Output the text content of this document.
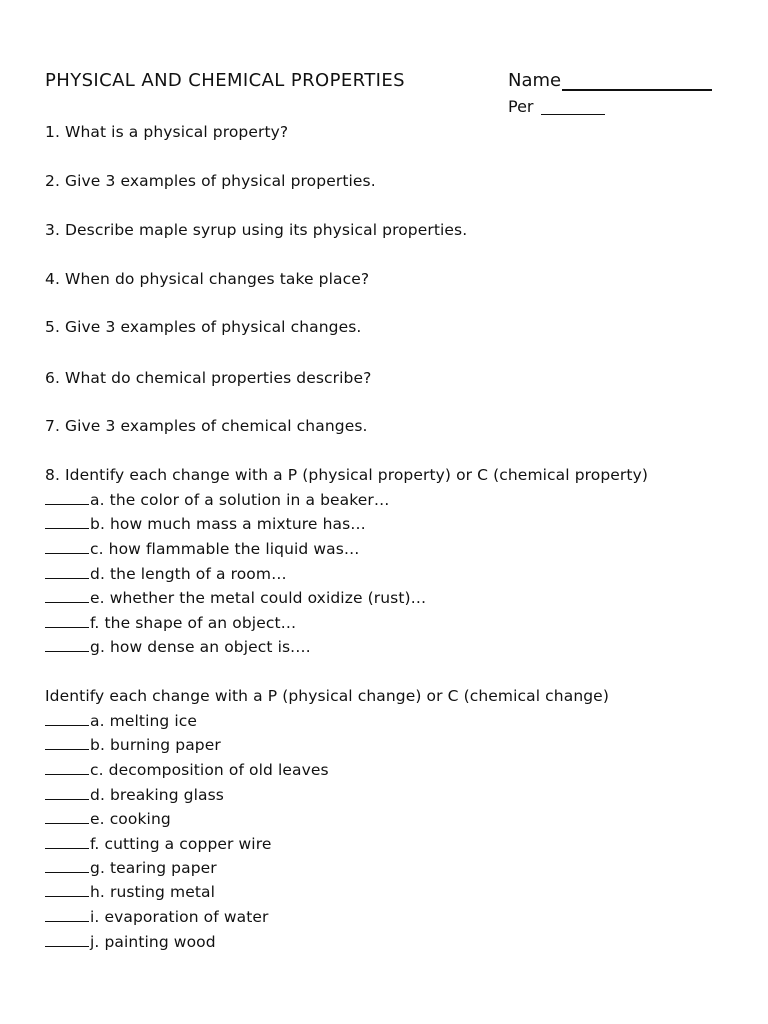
PHYSICAL AND CHEMICAL PROPERTIES	Name
Per
1. What is a physical property?
2. Give 3 examples of physical properties.
3. Describe maple syrup using its physical properties.
4. When do physical changes take place?
5. Give 3 examples of physical changes.
6. What do chemical properties describe?
7. Give 3 examples of chemical changes.
8. Identify each change with a P (physical property) or C (chemical property)
a. the color of a solution in a beaker…
b. how much mass a mixture has…
c. how flammable the liquid was…
d. the length of a room…
e. whether the metal could oxidize (rust)…
f. the shape of an object…
g. how dense an object is.…
Identify each change with a P (physical change) or C (chemical change)
a. melting ice
b. burning paper
c. decomposition of old leaves
d. breaking glass
e. cooking
f. cutting a copper wire
g. tearing paper
h. rusting metal
i. evaporation of water
j. painting wood
